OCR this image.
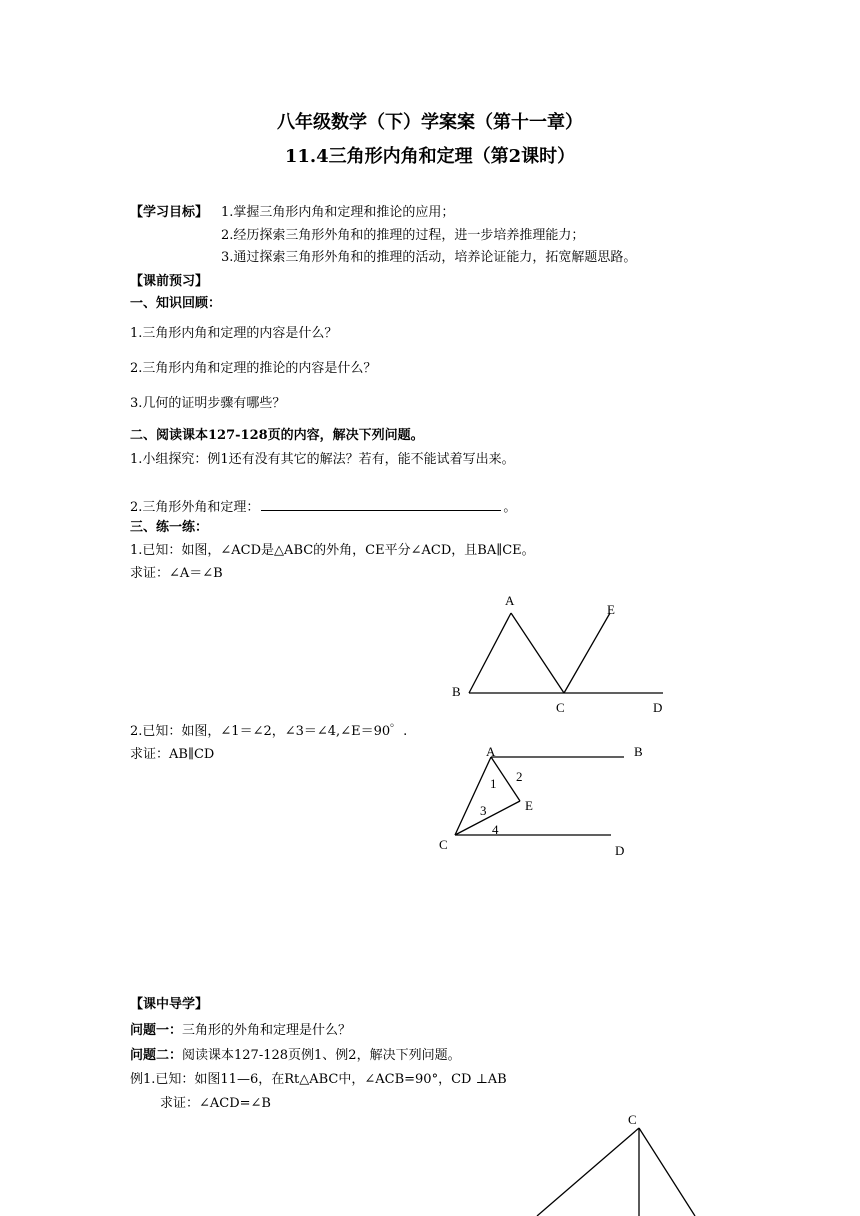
八年级数学（下）学案案（第十一章）
11.4三角形内角和定理（第2课时）
【学习目标】 1.掌握三角形内角和定理和推论的应用；
2.经历探索三角形外角和的推理的过程，进一步培养推理能力；
3.通过探索三角形外角和的推理的活动，培养论证能力，拓宽解题思路。
【课前预习】
一、知识回顾：
1.三角形内角和定理的内容是什么？
2.三角形内角和定理的推论的内容是什么？
3.几何的证明步骤有哪些？
二、阅读课本127-128页的内容，解决下列问题。
1.小组探究：例1还有没有其它的解法？若有，能不能试着写出来。
2.三角形外角和定理：	。
三、练一练：
1.已知：如图，∠ACD是△ABC的外角，CE平分∠ACD，且BA∥CE。
求证：∠A＝∠B
2.已知：如图，∠1＝∠2，∠3＝∠4,∠E＝90゜.
求证：AB∥CD
【课中导学】
问题一：三角形的外角和定理是什么？
问题二：阅读课本127-128页例1、例2，解决下列问题。
例1.已知：如图11—6，在Rt△ABC中，∠ACB=90°，CD ⊥AB
求证：∠ACD=∠B
A
E
B
C	D
A	B
E
C	D
1 2
3
4
C
